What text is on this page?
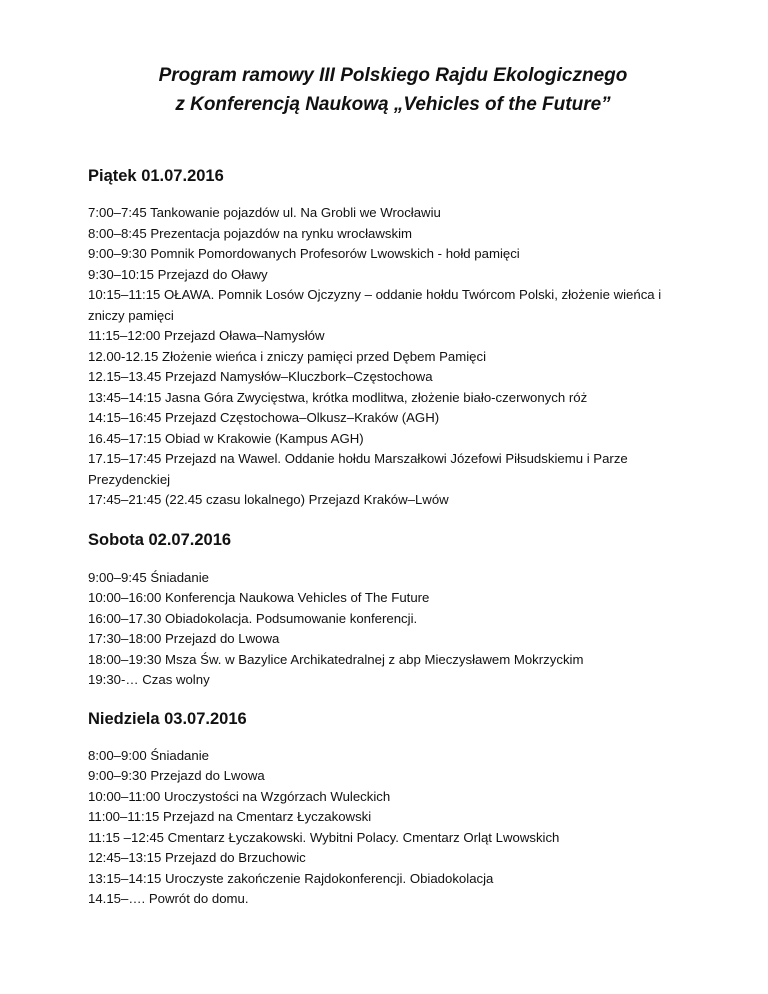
Program ramowy III Polskiego Rajdu Ekologicznego
z Konferencją Naukową „Vehicles of the Future”
Piątek 01.07.2016
7:00–7:45 Tankowanie pojazdów ul. Na Grobli we Wrocławiu
8:00–8:45 Prezentacja pojazdów na rynku wrocławskim
9:00–9:30 Pomnik Pomordowanych Profesorów Lwowskich - hołd pamięci
9:30–10:15 Przejazd do Oławy
10:15–11:15 OŁAWA. Pomnik Losów Ojczyzny – oddanie hołdu Twórcom Polski, złożenie wieńca i zniczy pamięci
11:15–12:00 Przejazd Oława–Namysłów
12.00-12.15 Złożenie wieńca i zniczy pamięci przed Dębem Pamięci
12.15–13.45 Przejazd Namysłów–Kluczbork–Częstochowa
13:45–14:15 Jasna Góra Zwycięstwa, krótka modlitwa, złożenie biało-czerwonych róż
14:15–16:45 Przejazd Częstochowa–Olkusz–Kraków (AGH)
16.45–17:15 Obiad w Krakowie (Kampus AGH)
17.15–17:45 Przejazd na Wawel. Oddanie hołdu Marszałkowi Józefowi Piłsudskiemu i Parze Prezydenckiej
17:45–21:45 (22.45 czasu lokalnego) Przejazd Kraków–Lwów
Sobota 02.07.2016
9:00–9:45 Śniadanie
10:00–16:00 Konferencja Naukowa Vehicles of The Future
16:00–17.30 Obiadokolacja. Podsumowanie konferencji.
17:30–18:00 Przejazd do Lwowa
18:00–19:30 Msza Św. w Bazylice Archikatedralnej z abp Mieczysławem Mokrzyckim
19:30-… Czas wolny
Niedziela 03.07.2016
8:00–9:00 Śniadanie
9:00–9:30 Przejazd do Lwowa
10:00–11:00 Uroczystości na Wzgórzach Wuleckich
11:00–11:15 Przejazd na Cmentarz Łyczakowski
11:15 –12:45 Cmentarz Łyczakowski. Wybitni Polacy. Cmentarz Orląt Lwowskich
12:45–13:15 Przejazd do Brzuchowic
13:15–14:15 Uroczyste zakończenie Rajdokonferencji. Obiadokolacja
14.15–…. Powrót do domu.
